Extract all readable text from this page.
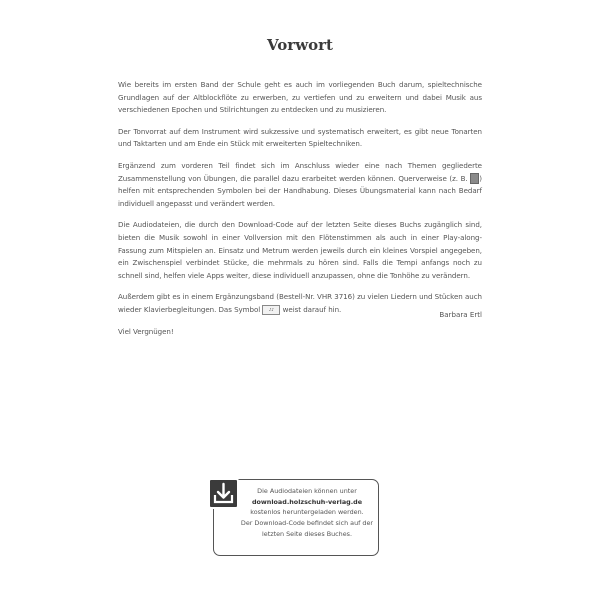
Vorwort

Wie bereits im ersten Band der Schule geht es auch im vorliegenden Buch darum, spieltechnische Grundlagen auf der Altblockflöte zu erwerben, zu vertiefen und zu erweitern und dabei Musik aus verschiedenen Epochen und Stilrichtungen zu entdecken und zu musizieren.

Der Tonvorrat auf dem Instrument wird sukzessive und systematisch erweitert, es gibt neue Tonarten und Taktarten und am Ende ein Stück mit erweiterten Spieltechniken.

Ergänzend zum vorderen Teil findet sich im Anschluss wieder eine nach Themen gegliederte Zusammenstellung von Übungen, die parallel dazu erarbeitet werden können. Querverweise (z. B. ) helfen mit entsprechenden Symbolen bei der Handhabung. Dieses Übungsmaterial kann nach Bedarf individuell angepasst und verändert werden.

Die Audiodateien, die durch den Download-Code auf der letzten Seite dieses Buchs zugänglich sind, bieten die Musik sowohl in einer Vollversion mit den Flötenstimmen als auch in einer Play-along-Fassung zum Mitspielen an. Einsatz und Metrum werden jeweils durch ein kleines Vorspiel angegeben, ein Zwischenspiel verbindet Stücke, die mehrmals zu hören sind. Falls die Tempi anfangs noch zu schnell sind, helfen viele Apps weiter, diese individuell anzupassen, ohne die Tonhöhe zu verändern.

Außerdem gibt es in einem Ergänzungsband (Bestell-Nr. VHR 3716) zu vielen Liedern und Stücken auch wieder Klavierbegleitungen. Das Symbol ♪♪ weist darauf hin.

Viel Vergnügen!

Barbara Ertl
Die Audiodateien können unter
download.holzschuh-verlag.de
kostenlos heruntergeladen werden.
Der Download-Code befindet sich auf der
letzten Seite dieses Buches.
